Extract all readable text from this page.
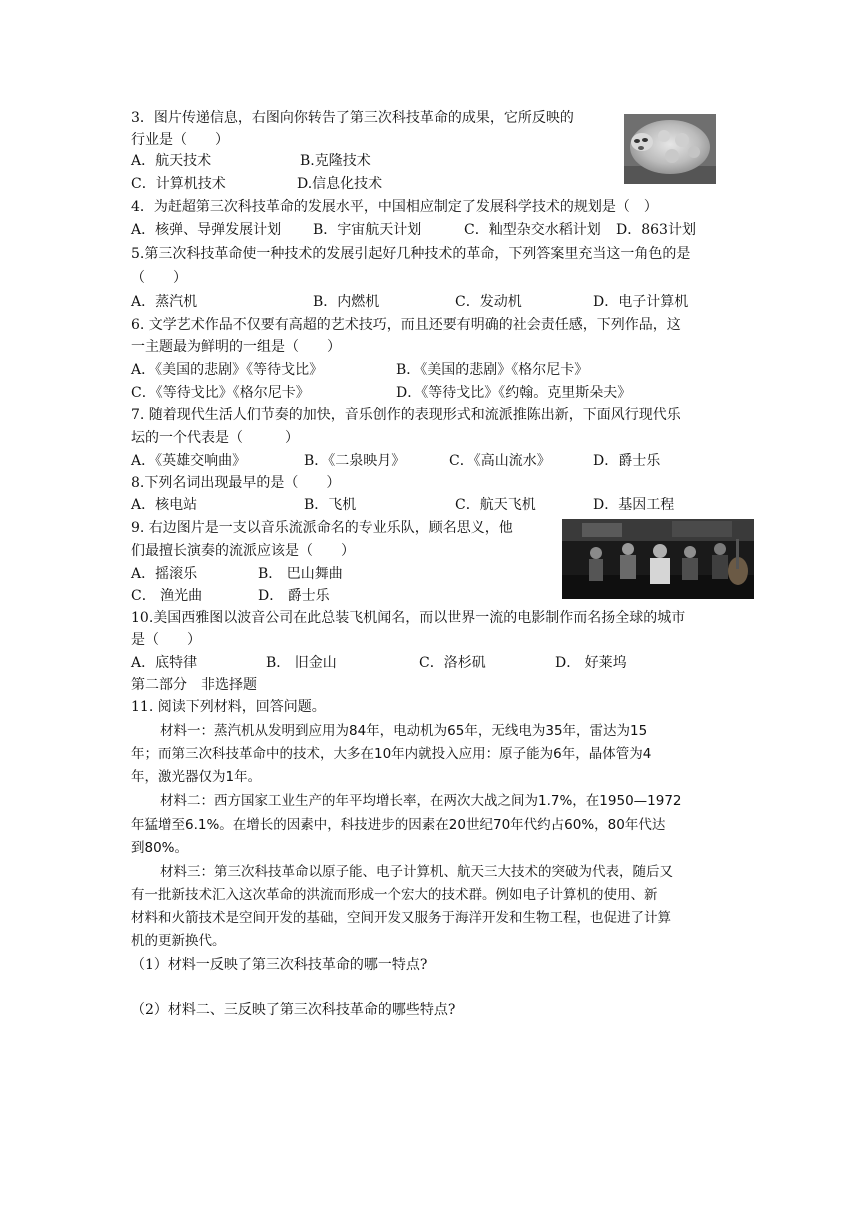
3．图片传递信息，右图向你转告了第三次科技革命的成果，它所反映的
行业是（　　）
A．航天技术	B.克隆技术
C．计算机技术	D.信息化技术
4．为赶超第三次科技革命的发展水平，中国相应制定了发展科学技术的规划是（　）
A．核弹、导弹发展计划 B．宇宙航天计划	C．籼型杂交水稻计划 D．863计划
5.第三次科技革命使一种技术的发展引起好几种技术的革命，下列答案里充当这一角色的是
（　　）
A．蒸汽机	B．内燃机	C．发动机	D．电子计算机
6. 文学艺术作品不仅要有高超的艺术技巧，而且还要有明确的社会责任感，下列作品，这
一主题最为鲜明的一组是（　　）
A．《美国的悲剧》《等待戈比》	B．《美国的悲剧》《格尔尼卡》
C．《等待戈比》《格尔尼卡》	D．《等待戈比》《约翰。克里斯朵夫》
7. 随着现代生活人们节奏的加快，音乐创作的表现形式和流派推陈出新，下面风行现代乐
坛的一个代表是（　　　）
A．《英雄交响曲》	B．《二泉映月》	C．《高山流水》	D．爵士乐
8.下列名词出现最早的是（　　）
A．核电站	B．飞机	C．航天飞机	D．基因工程
9. 右边图片是一支以音乐流派命名的专业乐队，顾名思义，他
们最擅长演奏的流派应该是（　　）
A．摇滚乐	B． 巴山舞曲
C． 渔光曲	D． 爵士乐
10.美国西雅图以波音公司在此总装飞机闻名，而以世界一流的电影制作而名扬全球的城市
是（　　）
A．底特律	B． 旧金山	C．洛杉矶	D． 好莱坞
第二部分　非选择题
11. 阅读下列材料，回答问题。
材料一：蒸汽机从发明到应用为84年，电动机为65年，无线电为35年，雷达为15
年；而第三次科技革命中的技术，大多在10年内就投入应用：原子能为6年，晶体管为4
年，激光器仅为1年。
材料二：西方国家工业生产的年平均增长率，在两次大战之间为1.7%，在1950—1972
年猛增至6.1%。在增长的因素中，科技进步的因素在20世纪70年代约占60%，80年代达
到80%。
材料三：第三次科技革命以原子能、电子计算机、航天三大技术的突破为代表，随后又
有一批新技术汇入这次革命的洪流而形成一个宏大的技术群。例如电子计算机的使用、新
材料和火箭技术是空间开发的基础，空间开发又服务于海洋开发和生物工程，也促进了计算
机的更新换代。
（1）材料一反映了第三次科技革命的哪一特点?
（2）材料二、三反映了第三次科技革命的哪些特点?
